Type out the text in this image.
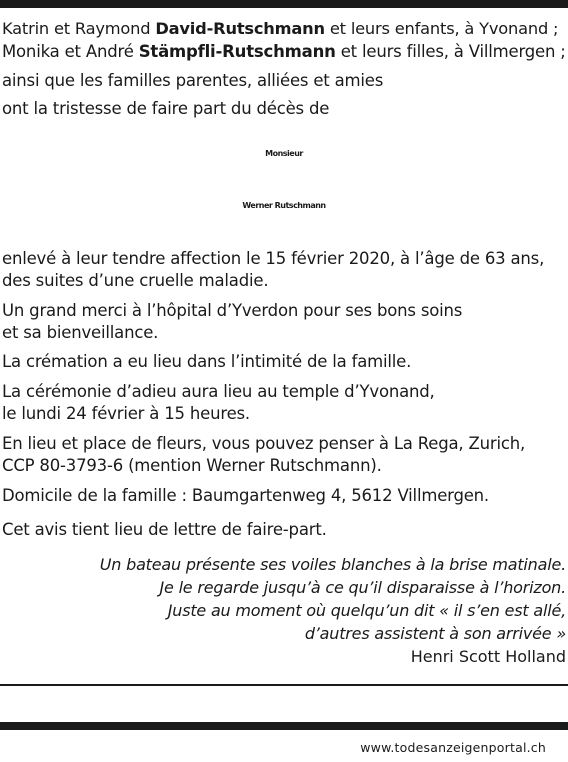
Katrin et Raymond David-Rutschmann et leurs enfants, à Yvonand ;
Monika et André Stämpfli-Rutschmann et leurs filles, à Villmergen ;
ainsi que les familles parentes, alliées et amies
ont la tristesse de faire part du décès de
Monsieur
Werner Rutschmann
enlevé à leur tendre affection le 15 février 2020, à l’âge de 63 ans,
des suites d’une cruelle maladie.
Un grand merci à l’hôpital d’Yverdon pour ses bons soins
et sa bienveillance.
La crémation a eu lieu dans l’intimité de la famille.
La cérémonie d’adieu aura lieu au temple d’Yvonand,
le lundi 24 février à 15 heures.
En lieu et place de fleurs, vous pouvez penser à La Rega, Zurich,
CCP 80-3793-6 (mention Werner Rutschmann).
Domicile de la famille : Baumgartenweg 4, 5612 Villmergen.
Cet avis tient lieu de lettre de faire-part.
Un bateau présente ses voiles blanches à la brise matinale.
Je le regarde jusqu’à ce qu’il disparaisse à l’horizon.
Juste au moment où quelqu’un dit « il s’en est allé,
d’autres assistent à son arrivée »
Henri Scott Holland
www.todesanzeigenportal.ch
